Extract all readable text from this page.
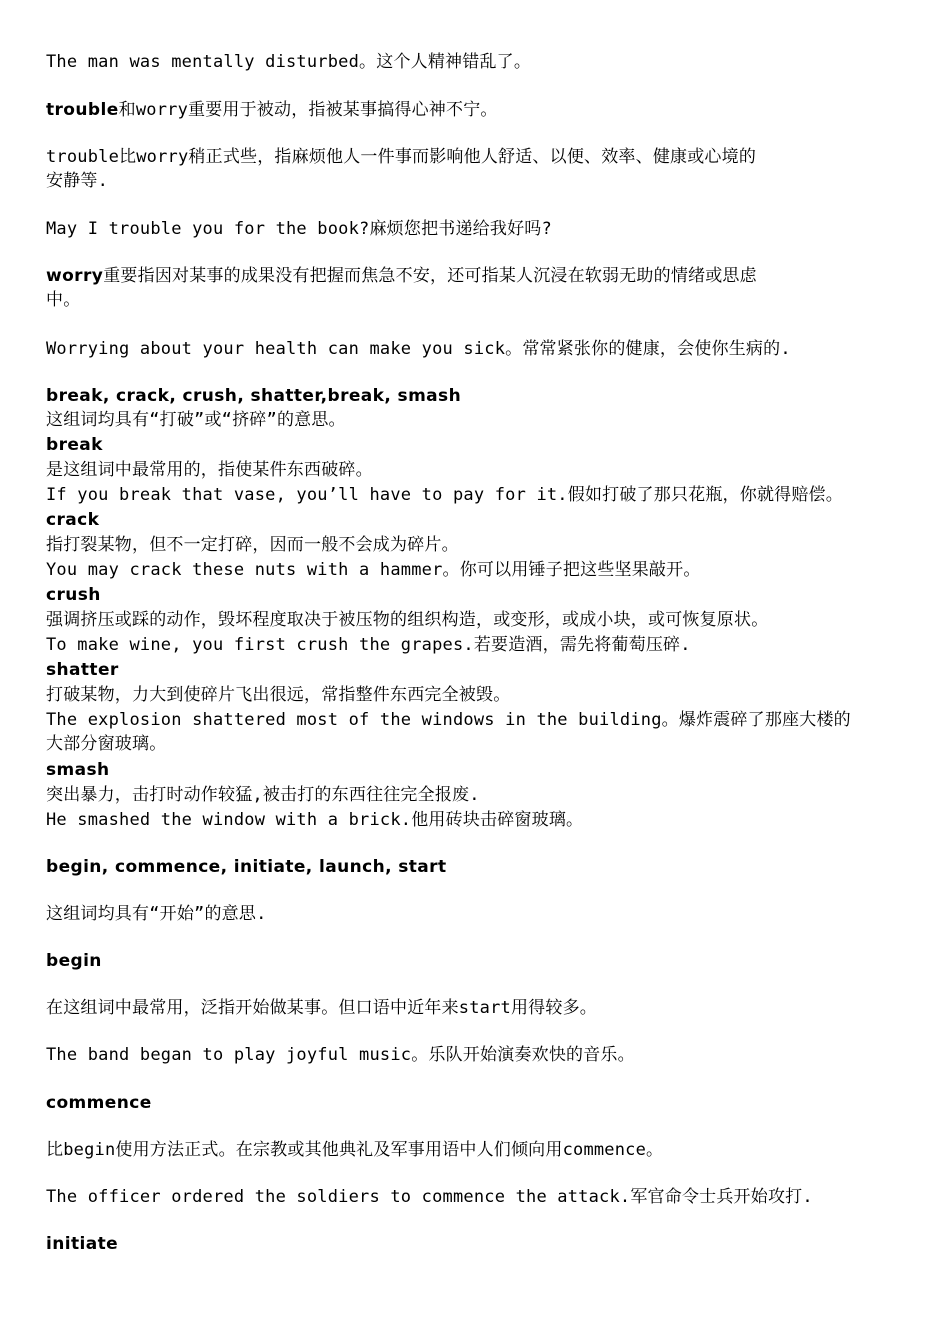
The man was mentally disturbed。这个人精神错乱了。
trouble和worry重要用于被动，指被某事搞得心神不宁。
trouble比worry稍正式些，指麻烦他人一件事而影响他人舒适、以便、效率、健康或心境的
安静等.
May I trouble you for the book?麻烦您把书递给我好吗?
worry重要指因对某事的成果没有把握而焦急不安，还可指某人沉浸在软弱无助的情绪或思虑
中。
Worrying about your health can make you sick。常常紧张你的健康，会使你生病的.
break, crack, crush, shatter,break, smash
这组词均具有“打破”或“挤碎”的意思。
break
是这组词中最常用的，指使某件东西破碎。
If you break that vase, you’ll have to pay for it.假如打破了那只花瓶，你就得赔偿。
crack
指打裂某物，但不一定打碎，因而一般不会成为碎片。
You may crack these nuts with a hammer。你可以用锤子把这些坚果敲开。
crush
强调挤压或踩的动作，毁坏程度取决于被压物的组织构造，或变形，或成小块，或可恢复原状。
To make wine, you first crush the grapes.若要造酒，需先将葡萄压碎.
shatter
打破某物，力大到使碎片飞出很远，常指整件东西完全被毁。
The explosion shattered most of the windows in the building。爆炸震碎了那座大楼的
大部分窗玻璃。
smash
突出暴力，击打时动作较猛,被击打的东西往往完全报废.
He smashed the window with a brick.他用砖块击碎窗玻璃。
begin, commence, initiate, launch, start
这组词均具有“开始”的意思.
begin
在这组词中最常用，泛指开始做某事。但口语中近年来start用得较多。
The band began to play joyful music。乐队开始演奏欢快的音乐。
commence
比begin使用方法正式。在宗教或其他典礼及军事用语中人们倾向用commence。
The officer ordered the soldiers to commence the attack.军官命令士兵开始攻打.
initiate
